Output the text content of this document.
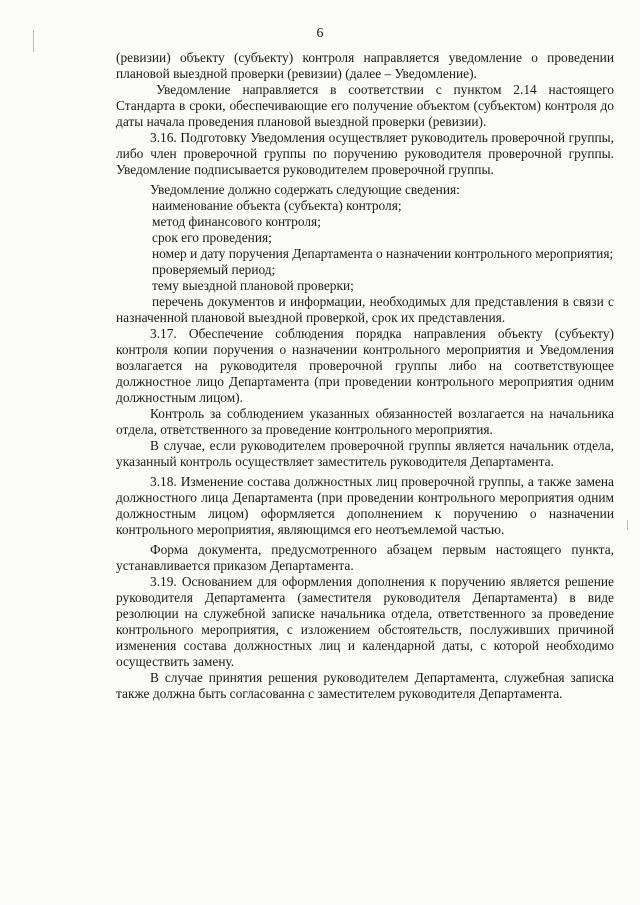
6

(ревизии) объекту (субъекту) контроля направляется уведомление о проведении плановой выездной проверки (ревизии) (далее – Уведомление).

Уведомление направляется в соответствии с пунктом 2.14 настоящего Стандарта в сроки, обеспечивающие его получение объектом (субъектом) контроля до даты начала проведения плановой выездной проверки (ревизии).

3.16. Подготовку Уведомления осуществляет руководитель проверочной группы, либо член проверочной группы по поручению руководителя проверочной группы. Уведомление подписывается руководителем проверочной группы.

Уведомление должно содержать следующие сведения:

наименование объекта (субъекта) контроля;

метод финансового контроля;

срок его проведения;

номер и дату поручения Департамента о назначении контрольного мероприятия;

проверяемый период;

тему выездной плановой проверки;

перечень документов и информации, необходимых для представления в связи с назначенной плановой выездной проверкой, срок их представления.

3.17. Обеспечение соблюдения порядка направления объекту (субъекту) контроля копии поручения о назначении контрольного мероприятия и Уведомления возлагается на руководителя проверочной группы либо на соответствующее должностное лицо Департамента (при проведении контрольного мероприятия одним должностным лицом).

Контроль за соблюдением указанных обязанностей возлагается на начальника отдела, ответственного за проведение контрольного мероприятия.

В случае, если руководителем проверочной группы является начальник отдела, указанный контроль осуществляет заместитель руководителя Департамента.

3.18. Изменение состава должностных лиц проверочной группы, а также замена должностного лица Департамента (при проведении контрольного мероприятия одним должностным лицом) оформляется дополнением к поручению о назначении контрольного мероприятия, являющимся его неотъемлемой частью.

Форма документа, предусмотренного абзацем первым настоящего пункта, устанавливается приказом Департамента.

3.19. Основанием для оформления дополнения к поручению является решение руководителя Департамента (заместителя руководителя Департамента) в виде резолюции на служебной записке начальника отдела, ответственного за проведение контрольного мероприятия, с изложением обстоятельств, послуживших причиной изменения состава должностных лиц и календарной даты, с которой необходимо осуществить замену.

В случае принятия решения руководителем Департамента, служебная записка также должна быть согласованна с заместителем руководителя Департамента.
